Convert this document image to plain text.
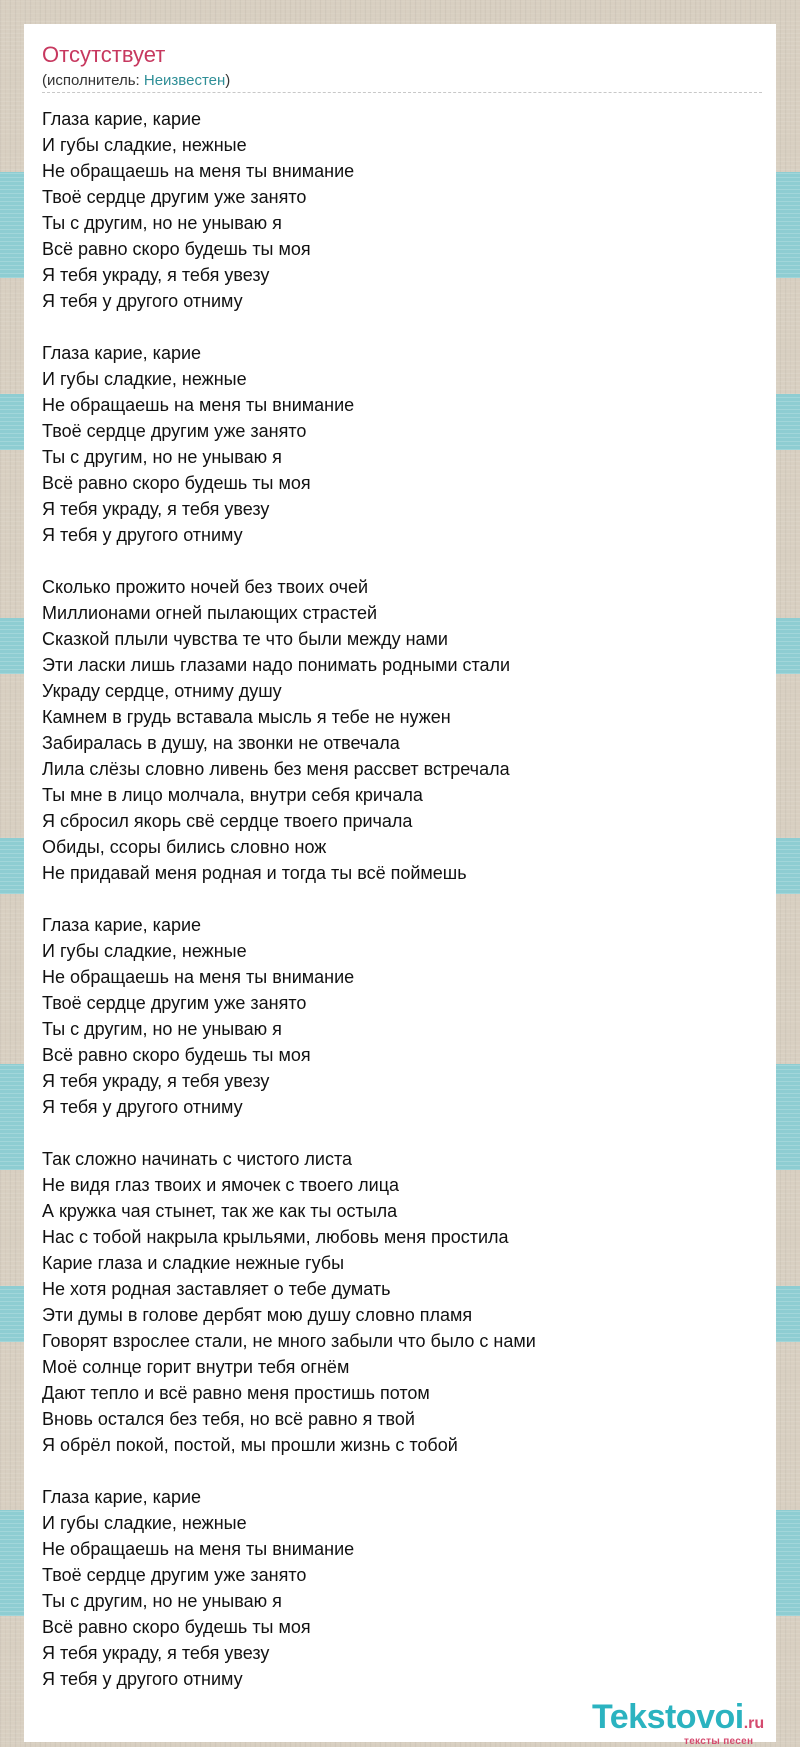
Отсутствует
(исполнитель: Неизвестен)
Глаза карие, карие
И губы сладкие, нежные
Не обращаешь на меня ты внимание
Твоё сердце другим уже занято
Ты с другим, но не унываю я
Всё равно скоро будешь ты моя
Я тебя украду, я тебя увезу
Я тебя у другого отниму
Глаза карие, карие
И губы сладкие, нежные
Не обращаешь на меня ты внимание
Твоё сердце другим уже занято
Ты с другим, но не унываю я
Всё равно скоро будешь ты моя
Я тебя украду, я тебя увезу
Я тебя у другого отниму
Сколько прожито ночей без твоих очей
Миллионами огней пылающих страстей
Сказкой плыли чувства те что были между нами
Эти ласки лишь глазами надо понимать родными стали
Украду сердце, отниму душу
Камнем в грудь вставала мысль я тебе не нужен
Забиралась в душу, на звонки не отвечала
Лила слёзы словно ливень без меня рассвет встречала
Ты мне в лицо молчала, внутри себя кричала
Я сбросил якорь свё сердце твоего причала
Обиды, ссоры бились словно нож
Не придавай меня родная и тогда ты всё поймешь
Глаза карие, карие
И губы сладкие, нежные
Не обращаешь на меня ты внимание
Твоё сердце другим уже занято
Ты с другим, но не унываю я
Всё равно скоро будешь ты моя
Я тебя украду, я тебя увезу
Я тебя у другого отниму
Так сложно начинать с чистого листа
Не видя глаз твоих и ямочек с твоего лица
А кружка чая стынет, так же как ты остыла
Нас с тобой накрыла крыльями, любовь меня простила
Карие глаза и сладкие нежные губы
Не хотя родная заставляет о тебе думать
Эти думы в голове дербят мою душу словно пламя
Говорят взрослее стали, не много забыли что было с нами
Моё солнце горит внутри тебя огнём
Дают тепло и всё равно меня простишь потом
Вновь остался без тебя, но всё равно я твой
Я обрёл покой, постой, мы прошли жизнь с тобой
Глаза карие, карие
И губы сладкие, нежные
Не обращаешь на меня ты внимание
Твоё сердце другим уже занято
Ты с другим, но не унываю я
Всё равно скоро будешь ты моя
Я тебя украду, я тебя увезу
Я тебя у другого отниму
Tekstovoi.ru
тексты песен
